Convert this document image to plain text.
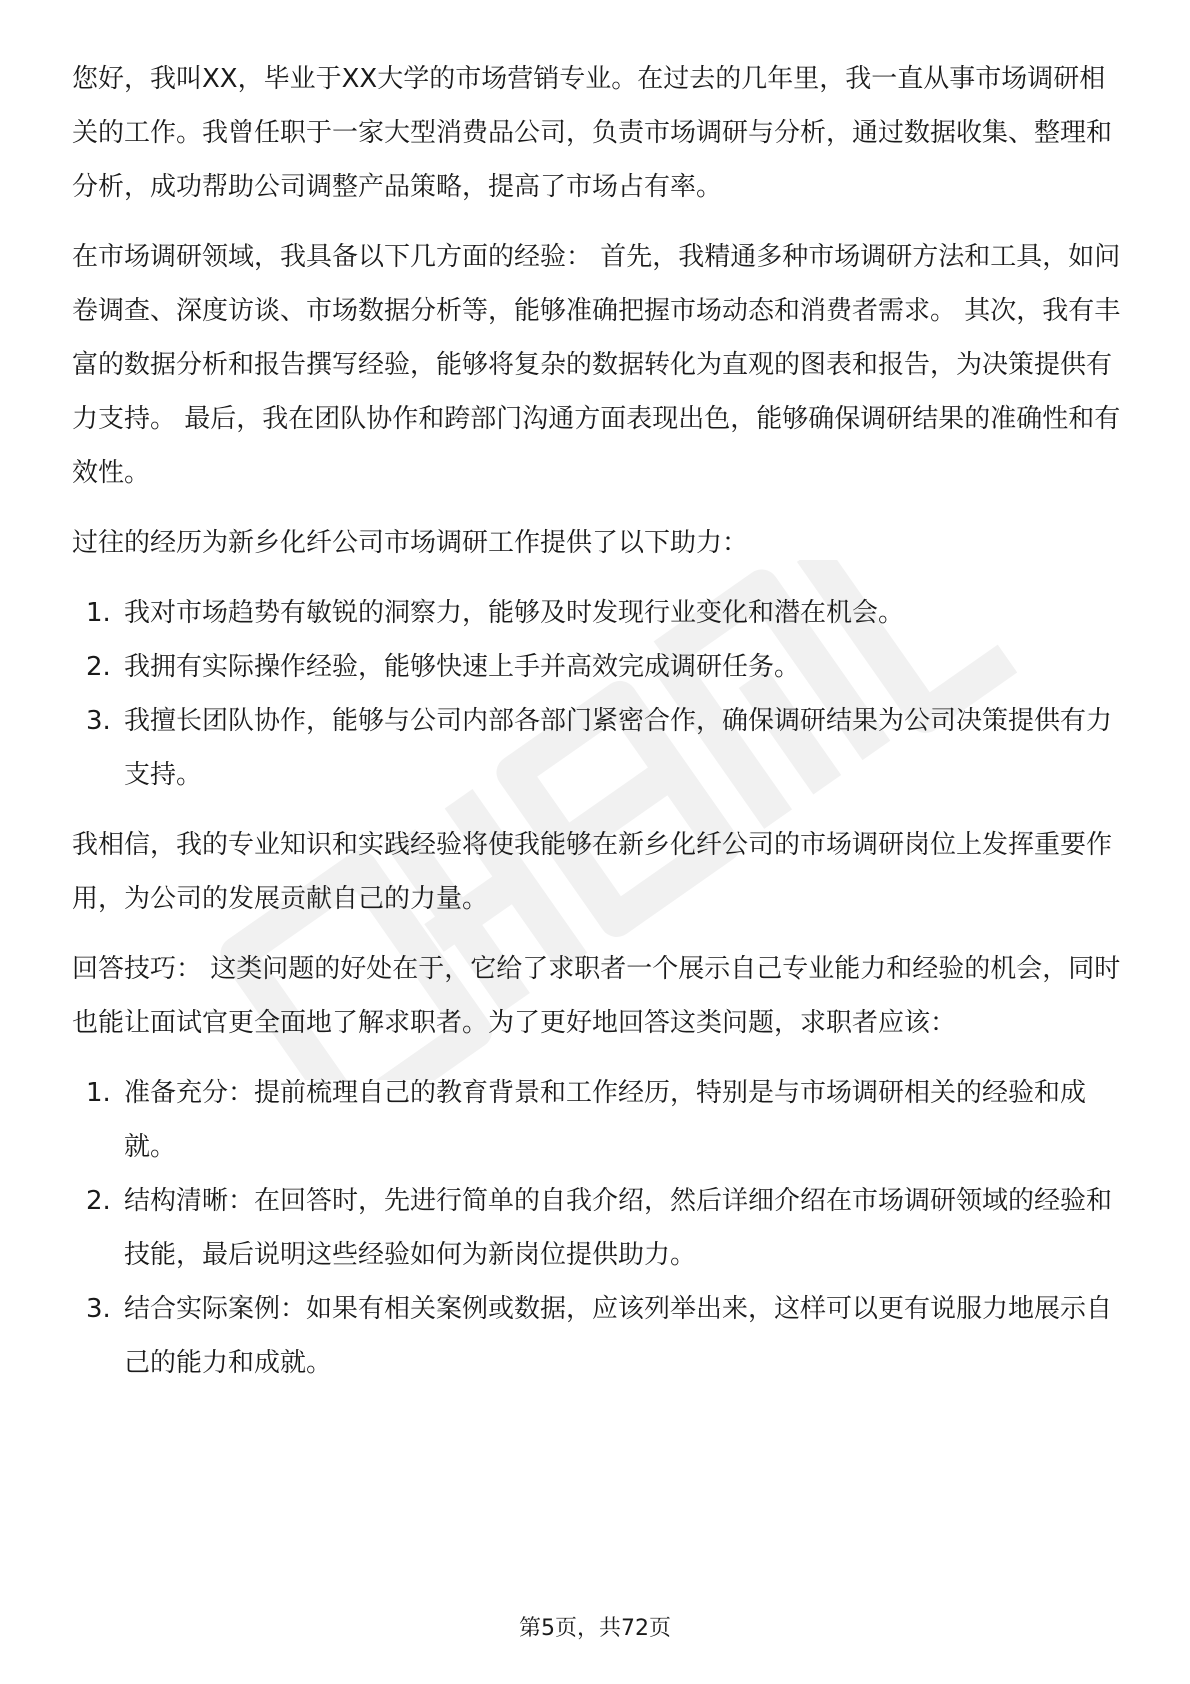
您好，我叫XX，毕业于XX大学的市场营销专业。在过去的几年里，我一直从事市场调研相关的工作。我曾任职于一家大型消费品公司，负责市场调研与分析，通过数据收集、整理和分析，成功帮助公司调整产品策略，提高了市场占有率。

在市场调研领域，我具备以下几方面的经验： 首先，我精通多种市场调研方法和工具，如问卷调查、深度访谈、市场数据分析等，能够准确把握市场动态和消费者需求。 其次，我有丰富的数据分析和报告撰写经验，能够将复杂的数据转化为直观的图表和报告，为决策提供有力支持。 最后，我在团队协作和跨部门沟通方面表现出色，能够确保调研结果的准确性和有效性。

过往的经历为新乡化纤公司市场调研工作提供了以下助力：

1. 我对市场趋势有敏锐的洞察力，能够及时发现行业变化和潜在机会。
2. 我拥有实际操作经验，能够快速上手并高效完成调研任务。
3. 我擅长团队协作，能够与公司内部各部门紧密合作，确保调研结果为公司决策提供有力支持。

我相信，我的专业知识和实践经验将使我能够在新乡化纤公司的市场调研岗位上发挥重要作用，为公司的发展贡献自己的力量。

回答技巧： 这类问题的好处在于，它给了求职者一个展示自己专业能力和经验的机会，同时也能让面试官更全面地了解求职者。为了更好地回答这类问题，求职者应该：

1. 准备充分：提前梳理自己的教育背景和工作经历，特别是与市场调研相关的经验和成就。
2. 结构清晰：在回答时，先进行简单的自我介绍，然后详细介绍在市场调研领域的经验和技能，最后说明这些经验如何为新岗位提供助力。
3. 结合实际案例：如果有相关案例或数据，应该列举出来，这样可以更有说服力地展示自己的能力和成就。
第5页，共72页
